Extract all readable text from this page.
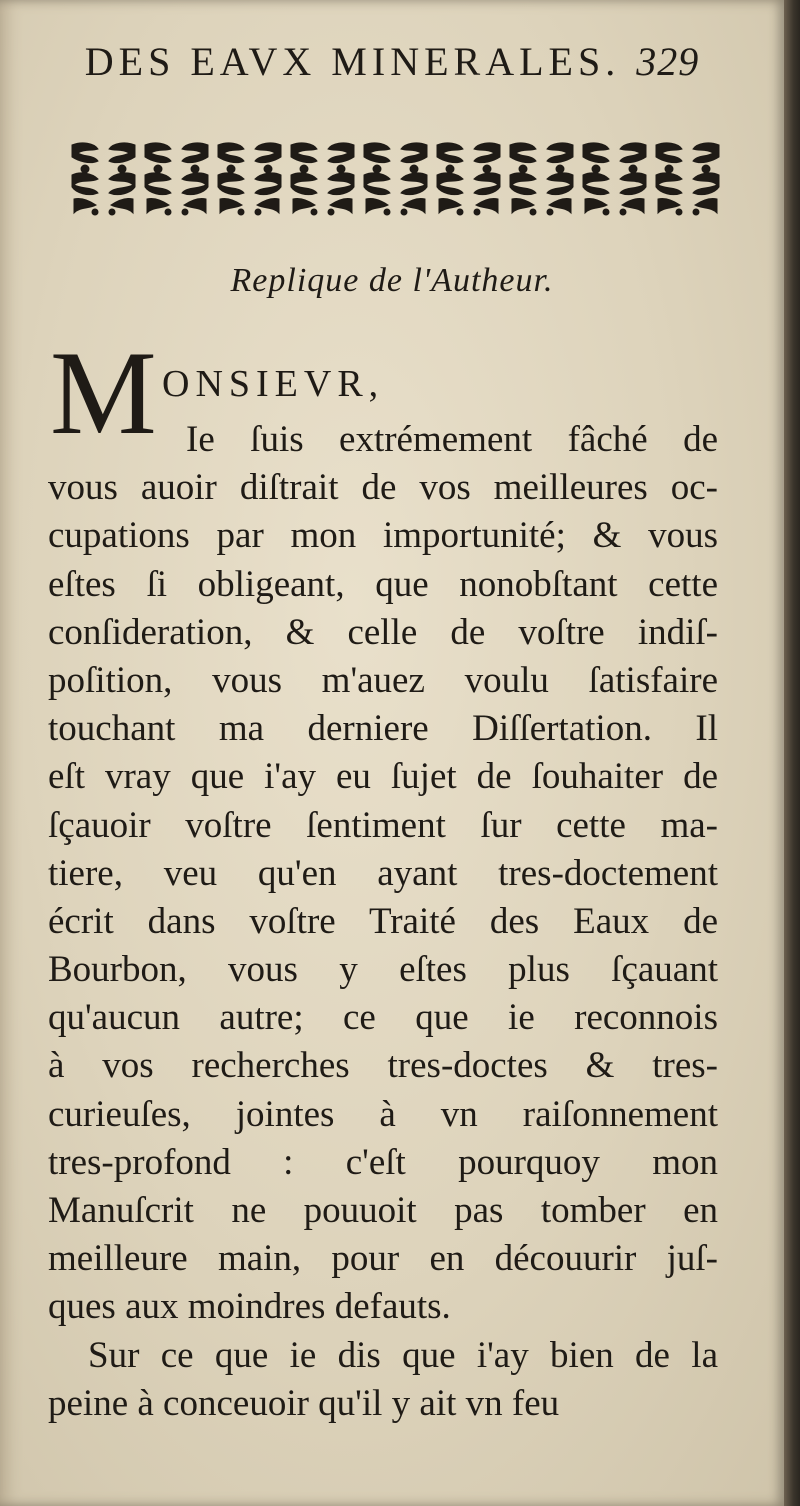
DES EAVX MINERALES. 329
Replique de l'Autheur.
M ONSIEVR,
Ie ſuis extrémement fâché de
vous auoir diſtrait de vos meilleures oc-
cupations par mon importunité; & vous
eſtes ſi obligeant, que nonobſtant cette
conſideration, & celle de voſtre indiſ-
poſition, vous m'auez voulu ſatisfaire
touchant ma derniere Diſſertation. Il
eſt vray que i'ay eu ſujet de ſouhaiter de
ſçauoir voſtre ſentiment ſur cette ma-
tiere, veu qu'en ayant tres-doctement
écrit dans voſtre Traité des Eaux de
Bourbon, vous y eſtes plus ſçauant
qu'aucun autre; ce que ie reconnois
à vos recherches tres-doctes & tres-
curieuſes, jointes à vn raiſonnement
tres-profond : c'eſt pourquoy mon
Manuſcrit ne pouuoit pas tomber en
meilleure main, pour en découurir juſ-
ques aux moindres defauts.
Sur ce que ie dis que i'ay bien de la
peine à conceuoir qu'il y ait vn feu
